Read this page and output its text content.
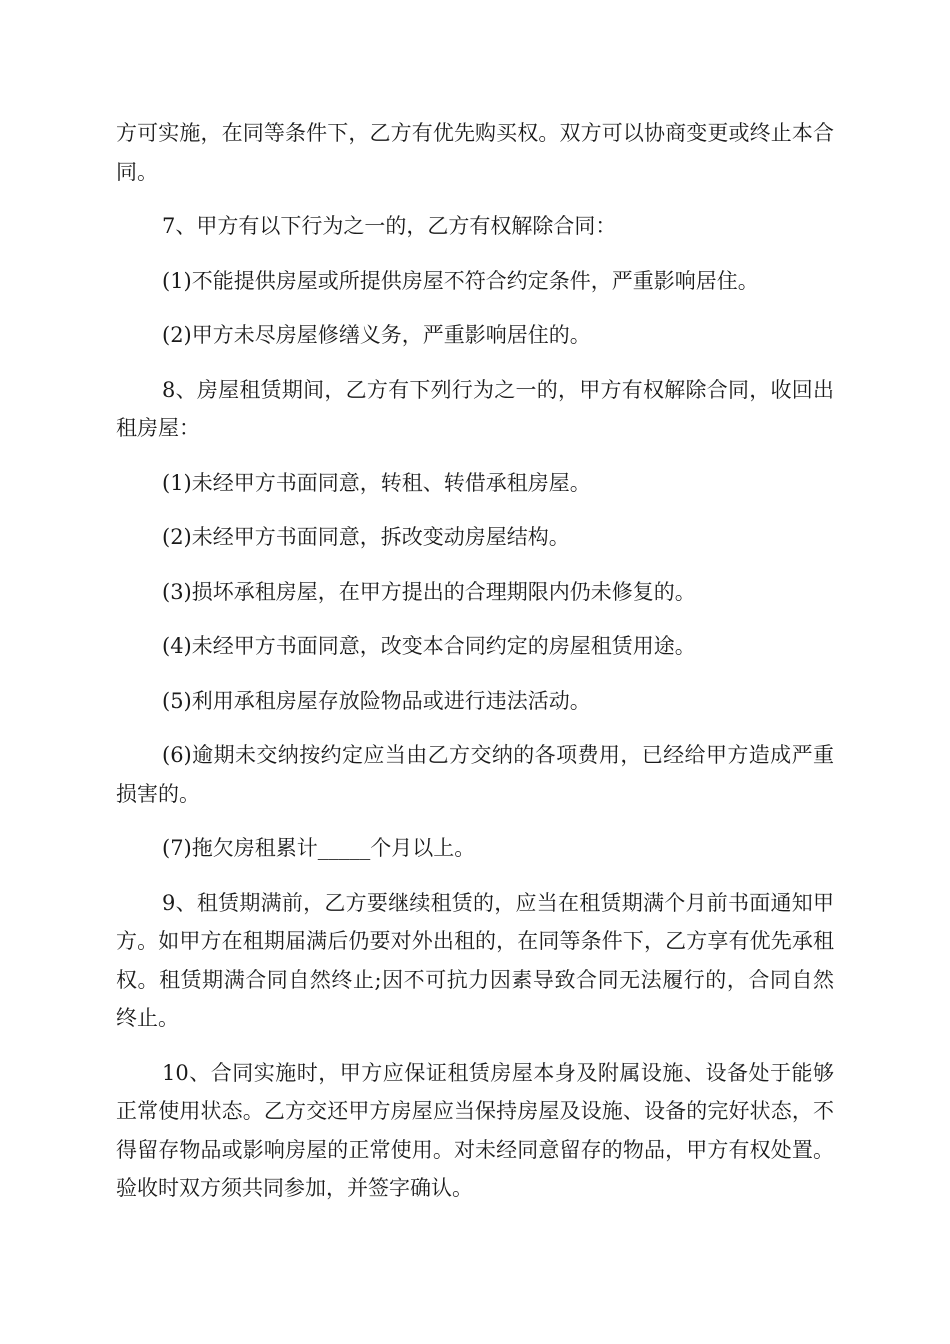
方可实施，在同等条件下，乙方有优先购买权。双方可以协商变更或终止本合同。

7、甲方有以下行为之一的，乙方有权解除合同：

(1)不能提供房屋或所提供房屋不符合约定条件，严重影响居住。

(2)甲方未尽房屋修缮义务，严重影响居住的。

8、房屋租赁期间，乙方有下列行为之一的，甲方有权解除合同，收回出租房屋：

(1)未经甲方书面同意，转租、转借承租房屋。

(2)未经甲方书面同意，拆改变动房屋结构。

(3)损坏承租房屋，在甲方提出的合理期限内仍未修复的。

(4)未经甲方书面同意，改变本合同约定的房屋租赁用途。

(5)利用承租房屋存放险物品或进行违法活动。

(6)逾期未交纳按约定应当由乙方交纳的各项费用，已经给甲方造成严重损害的。

(7)拖欠房租累计_____个月以上。

9、租赁期满前，乙方要继续租赁的，应当在租赁期满个月前书面通知甲方。如甲方在租期届满后仍要对外出租的，在同等条件下，乙方享有优先承租权。租赁期满合同自然终止;因不可抗力因素导致合同无法履行的，合同自然终止。

10、合同实施时，甲方应保证租赁房屋本身及附属设施、设备处于能够正常使用状态。乙方交还甲方房屋应当保持房屋及设施、设备的完好状态，不得留存物品或影响房屋的正常使用。对未经同意留存的物品，甲方有权处置。验收时双方须共同参加，并签字确认。
